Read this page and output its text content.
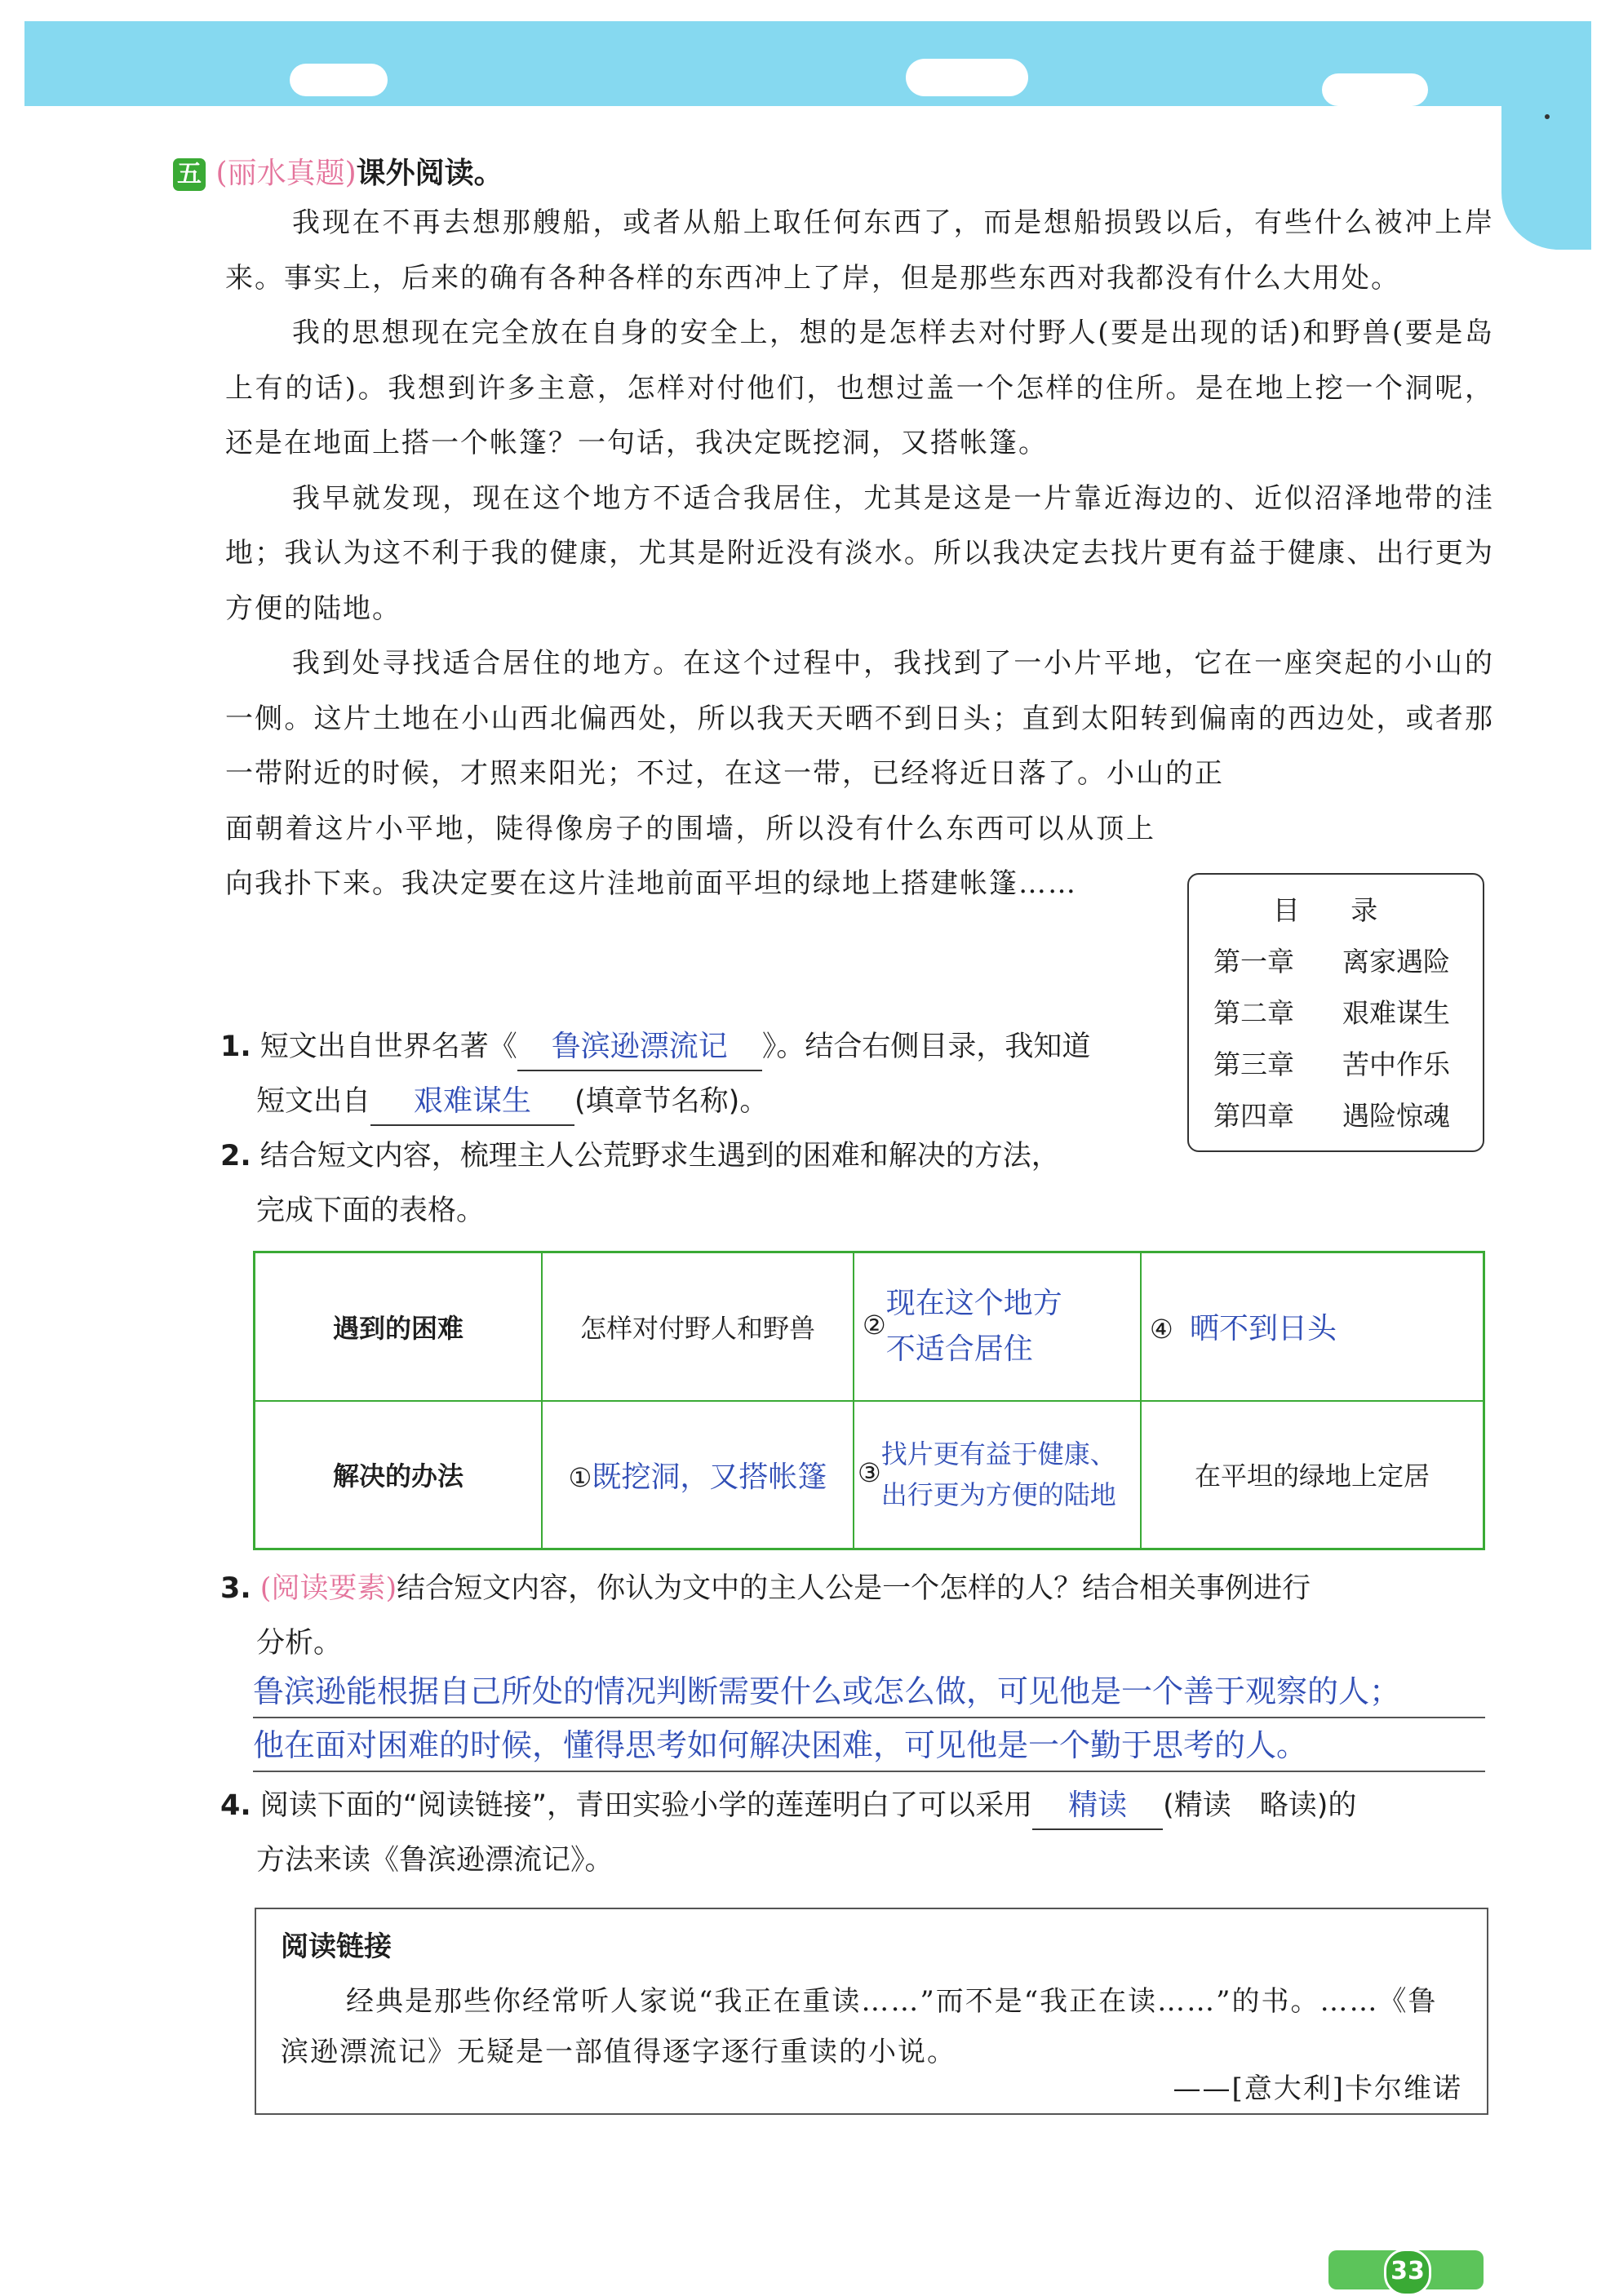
五 (丽水真题)课外阅读。

我现在不再去想那艘船，或者从船上取任何东西了，而是想船损毁以后，有些什么被冲上岸来。事实上，后来的确有各种各样的东西冲上了岸，但是那些东西对我都没有什么大用处。

我的思想现在完全放在自身的安全上，想的是怎样去对付野人(要是出现的话)和野兽(要是岛上有的话)。我想到许多主意，怎样对付他们，也想过盖一个怎样的住所。是在地上挖一个洞呢，还是在地面上搭一个帐篷？一句话，我决定既挖洞，又搭帐篷。

我早就发现，现在这个地方不适合我居住，尤其是这是一片靠近海边的、近似沼泽地带的洼地；我认为这不利于我的健康，尤其是附近没有淡水。所以我决定去找片更有益于健康、出行更为方便的陆地。

我到处寻找适合居住的地方。在这个过程中，我找到了一小片平地，它在一座突起的小山的一侧。这片土地在小山西北偏西处，所以我天天晒不到日头；直到太阳转到偏南的西边处，或者那一带附近的时候，才照来阳光；不过，在这一带，已经将近日落了。小山的正

面朝着这片小平地，陡得像房子的围墙，所以没有什么东西可以从顶上向我扑下来。我决定要在这片洼地前面平坦的绿地上搭建帐篷……

目 录
第一章	离家遇险
第二章	艰难谋生
第三章	苦中作乐
第四章	遇险惊魂
1. 短文出自世界名著《 鲁滨逊漂流记 》。结合右侧目录，我知道
短文出自 艰难谋生 (填章节名称)。
2. 结合短文内容，梳理主人公荒野求生遇到的困难和解决的方法，
完成下面的表格。
遇到的困难	怎样对付野人和野兽	②现在这个地方
不适合居住	④ 晒不到日头
解决的办法	①既挖洞，又搭帐篷	③找片更有益于健康、
出行更为方便的陆地	在平坦的绿地上定居
3. (阅读要素)结合短文内容，你认为文中的主人公是一个怎样的人？结合相关事例进行
分析。
鲁滨逊能根据自己所处的情况判断需要什么或怎么做，可见他是一个善于观察的人；
他在面对困难的时候，懂得思考如何解决困难，可见他是一个勤于思考的人。
4. 阅读下面的“阅读链接”，青田实验小学的莲莲明白了可以采用 精读 (精读　略读)的
方法来读《鲁滨逊漂流记》。
阅读链接
经典是那些你经常听人家说“我正在重读……”而不是“我正在读……”的书。……《鲁滨逊漂流记》无疑是一部值得逐字逐行重读的小说。
——[意大利]卡尔维诺
33
